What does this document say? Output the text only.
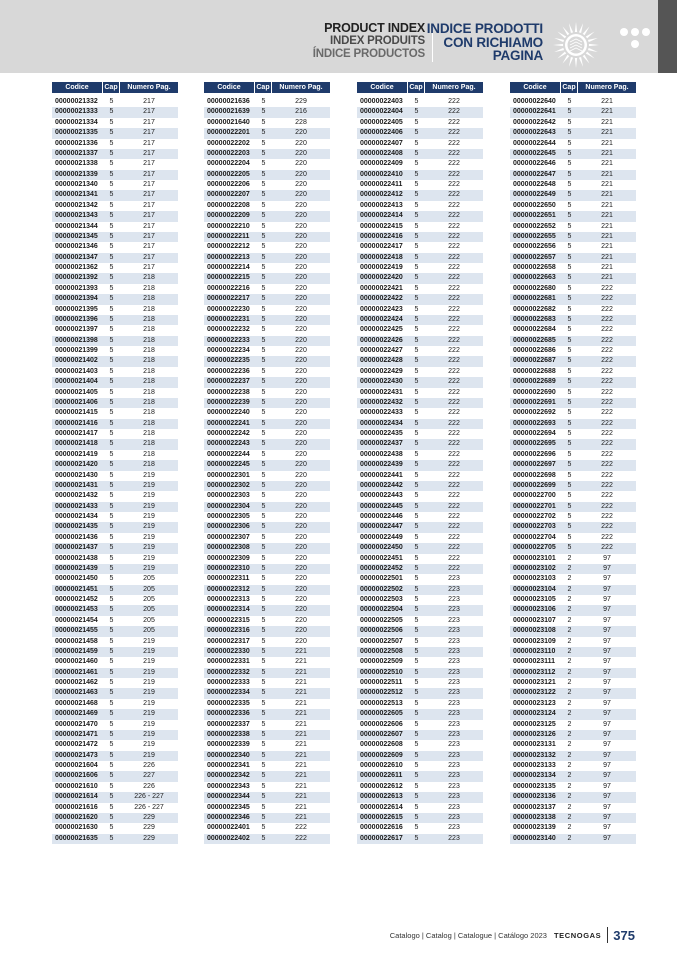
PRODUCT INDEX
INDEX PRODUITS
ÍNDICE PRODUCTOS
INDICE PRODOTTI
CON RICHIAMO
PAGINA
Codice	Cap	Numero Pag.
00000021332	5	217
00000021333	5	217
00000021334	5	217
00000021335	5	217
00000021336	5	217
00000021337	5	217
00000021338	5	217
00000021339	5	217
00000021340	5	217
00000021341	5	217
00000021342	5	217
00000021343	5	217
00000021344	5	217
00000021345	5	217
00000021346	5	217
00000021347	5	217
00000021362	5	217
00000021392	5	218
00000021393	5	218
00000021394	5	218
00000021395	5	218
00000021396	5	218
00000021397	5	218
00000021398	5	218
00000021399	5	218
00000021402	5	218
00000021403	5	218
00000021404	5	218
00000021405	5	218
00000021406	5	218
00000021415	5	218
00000021416	5	218
00000021417	5	218
00000021418	5	218
00000021419	5	218
00000021420	5	218
00000021430	5	219
00000021431	5	219
00000021432	5	219
00000021433	5	219
00000021434	5	219
00000021435	5	219
00000021436	5	219
00000021437	5	219
00000021438	5	219
00000021439	5	219
00000021450	5	205
00000021451	5	205
00000021452	5	205
00000021453	5	205
00000021454	5	205
00000021455	5	205
00000021458	5	219
00000021459	5	219
00000021460	5	219
00000021461	5	219
00000021462	5	219
00000021463	5	219
00000021468	5	219
00000021469	5	219
00000021470	5	219
00000021471	5	219
00000021472	5	219
00000021473	5	219
00000021604	5	226
00000021606	5	227
00000021610	5	226
00000021614	5	226 - 227
00000021616	5	226 - 227
00000021620	5	229
00000021630	5	229
00000021635	5	229
Codice	Cap	Numero Pag.
00000021636	5	229
00000021639	5	216
00000021640	5	228
00000022201	5	220
00000022202	5	220
00000022203	5	220
00000022204	5	220
00000022205	5	220
00000022206	5	220
00000022207	5	220
00000022208	5	220
00000022209	5	220
00000022210	5	220
00000022211	5	220
00000022212	5	220
00000022213	5	220
00000022214	5	220
00000022215	5	220
00000022216	5	220
00000022217	5	220
00000022230	5	220
00000022231	5	220
00000022232	5	220
00000022233	5	220
00000022234	5	220
00000022235	5	220
00000022236	5	220
00000022237	5	220
00000022238	5	220
00000022239	5	220
00000022240	5	220
00000022241	5	220
00000022242	5	220
00000022243	5	220
00000022244	5	220
00000022245	5	220
00000022301	5	220
00000022302	5	220
00000022303	5	220
00000022304	5	220
00000022305	5	220
00000022306	5	220
00000022307	5	220
00000022308	5	220
00000022309	5	220
00000022310	5	220
00000022311	5	220
00000022312	5	220
00000022313	5	220
00000022314	5	220
00000022315	5	220
00000022316	5	220
00000022317	5	220
00000022330	5	221
00000022331	5	221
00000022332	5	221
00000022333	5	221
00000022334	5	221
00000022335	5	221
00000022336	5	221
00000022337	5	221
00000022338	5	221
00000022339	5	221
00000022340	5	221
00000022341	5	221
00000022342	5	221
00000022343	5	221
00000022344	5	221
00000022345	5	221
00000022346	5	221
00000022401	5	222
00000022402	5	222
Codice	Cap	Numero Pag.
00000022403	5	222
00000022404	5	222
00000022405	5	222
00000022406	5	222
00000022407	5	222
00000022408	5	222
00000022409	5	222
00000022410	5	222
00000022411	5	222
00000022412	5	222
00000022413	5	222
00000022414	5	222
00000022415	5	222
00000022416	5	222
00000022417	5	222
00000022418	5	222
00000022419	5	222
00000022420	5	222
00000022421	5	222
00000022422	5	222
00000022423	5	222
00000022424	5	222
00000022425	5	222
00000022426	5	222
00000022427	5	222
00000022428	5	222
00000022429	5	222
00000022430	5	222
00000022431	5	222
00000022432	5	222
00000022433	5	222
00000022434	5	222
00000022435	5	222
00000022437	5	222
00000022438	5	222
00000022439	5	222
00000022441	5	222
00000022442	5	222
00000022443	5	222
00000022445	5	222
00000022446	5	222
00000022447	5	222
00000022449	5	222
00000022450	5	222
00000022451	5	222
00000022452	5	222
00000022501	5	223
00000022502	5	223
00000022503	5	223
00000022504	5	223
00000022505	5	223
00000022506	5	223
00000022507	5	223
00000022508	5	223
00000022509	5	223
00000022510	5	223
00000022511	5	223
00000022512	5	223
00000022513	5	223
00000022605	5	223
00000022606	5	223
00000022607	5	223
00000022608	5	223
00000022609	5	223
00000022610	5	223
00000022611	5	223
00000022612	5	223
00000022613	5	223
00000022614	5	223
00000022615	5	223
00000022616	5	223
00000022617	5	223
Codice	Cap	Numero Pag.
00000022640	5	221
00000022641	5	221
00000022642	5	221
00000022643	5	221
00000022644	5	221
00000022645	5	221
00000022646	5	221
00000022647	5	221
00000022648	5	221
00000022649	5	221
00000022650	5	221
00000022651	5	221
00000022652	5	221
00000022655	5	221
00000022656	5	221
00000022657	5	221
00000022658	5	221
00000022663	5	221
00000022680	5	222
00000022681	5	222
00000022682	5	222
00000022683	5	222
00000022684	5	222
00000022685	5	222
00000022686	5	222
00000022687	5	222
00000022688	5	222
00000022689	5	222
00000022690	5	222
00000022691	5	222
00000022692	5	222
00000022693	5	222
00000022694	5	222
00000022695	5	222
00000022696	5	222
00000022697	5	222
00000022698	5	222
00000022699	5	222
00000022700	5	222
00000022701	5	222
00000022702	5	222
00000022703	5	222
00000022704	5	222
00000022705	5	222
00000023101	2	97
00000023102	2	97
00000023103	2	97
00000023104	2	97
00000023105	2	97
00000023106	2	97
00000023107	2	97
00000023108	2	97
00000023109	2	97
00000023110	2	97
00000023111	2	97
00000023112	2	97
00000023121	2	97
00000023122	2	97
00000023123	2	97
00000023124	2	97
00000023125	2	97
00000023126	2	97
00000023131	2	97
00000023132	2	97
00000023133	2	97
00000023134	2	97
00000023135	2	97
00000023136	2	97
00000023137	2	97
00000023138	2	97
00000023139	2	97
00000023140	2	97
Catalogo | Catalog | Catalogue | Catálogo 2023 TECNOGAS 375
